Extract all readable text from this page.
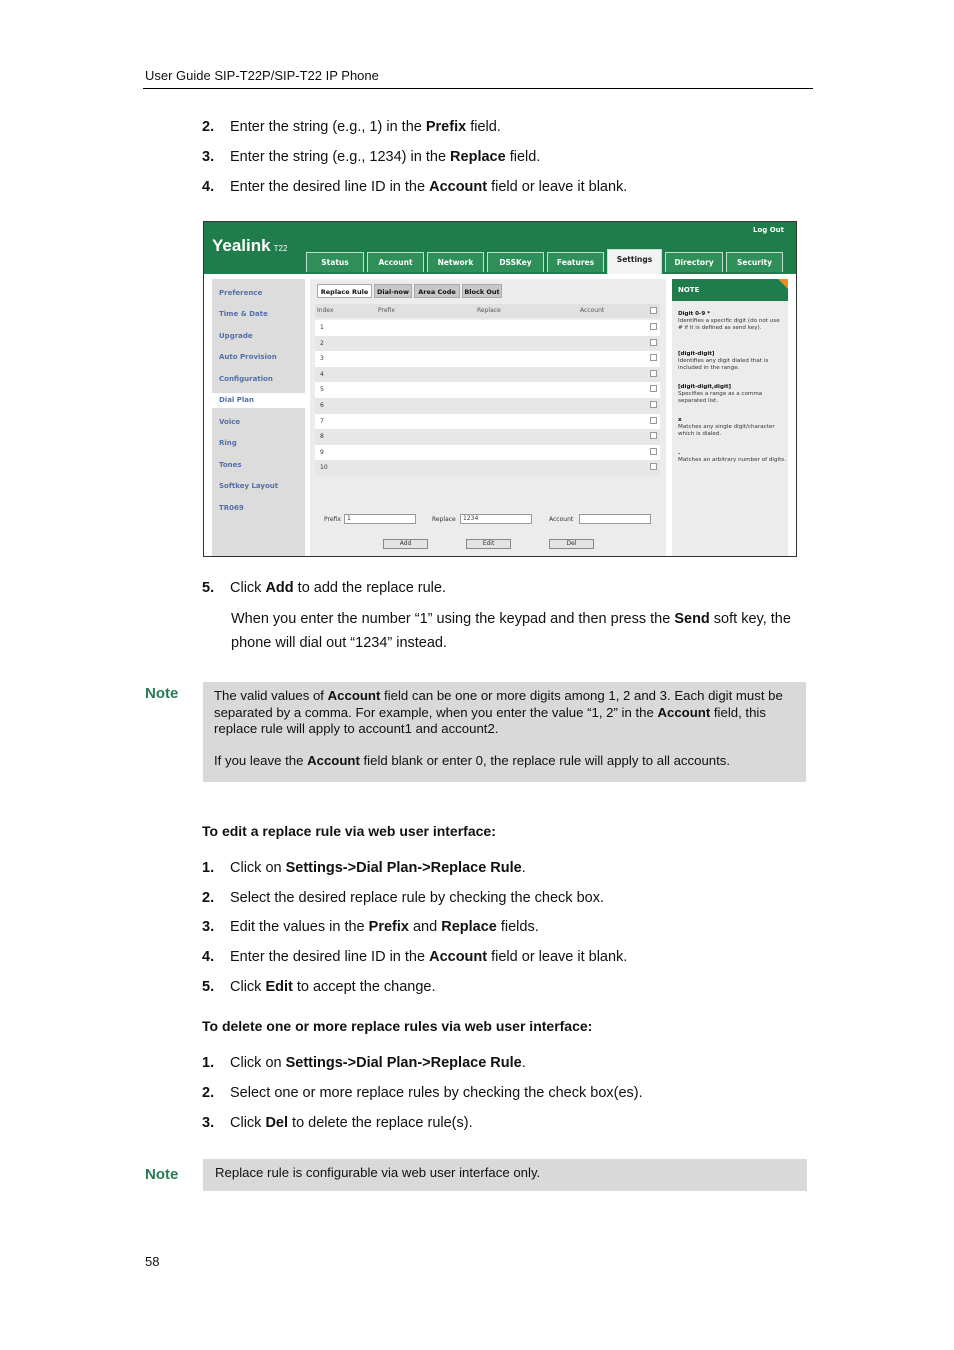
User Guide SIP-T22P/SIP-T22 IP Phone
2. Enter the string (e.g., 1) in the Prefix field.
3. Enter the string (e.g., 1234) in the Replace field.
4. Enter the desired line ID in the Account field or leave it blank.
Yealink T22
Log Out
Status	Account	Network	DSSKey	Features	Settings	Directory	Security
Preference
Time & Date
Upgrade
Auto Provision
Configuration
Dial Plan
Voice
Ring
Tones
Softkey Layout
TR069
Replace Rule	Dial-now	Area Code	Block Out
Index	Prefix	Replace	Account
1
2
3
4
5
6
7
8
9
10
Prefix	1	Replace	1234	Account
Add	Edit	Del
NOTE
Digit 0-9 *
Identifies a specific digit (do not use # if it is defined as send key).
[digit-digit]
Identifies any digit dialed that is included in the range.
[digit-digit,digit]
Specifies a range as a comma separated list.
x
Matches any single digit/character which is dialed.
.
Matches an arbitrary number of digits.
5. Click Add to add the replace rule.
When you enter the number “1” using the keypad and then press the Send soft key, the phone will dial out “1234” instead.
Note	The valid values of Account field can be one or more digits among 1, 2 and 3. Each digit must be separated by a comma. For example, when you enter the value “1, 2” in the Account field, this replace rule will apply to account1 and account2.
If you leave the Account field blank or enter 0, the replace rule will apply to all accounts.
To edit a replace rule via web user interface:
1. Click on Settings->Dial Plan->Replace Rule.
2. Select the desired replace rule by checking the check box.
3. Edit the values in the Prefix and Replace fields.
4. Enter the desired line ID in the Account field or leave it blank.
5. Click Edit to accept the change.
To delete one or more replace rules via web user interface:
1. Click on Settings->Dial Plan->Replace Rule.
2. Select one or more replace rules by checking the check box(es).
3. Click Del to delete the replace rule(s).
Note	Replace rule is configurable via web user interface only.
58
